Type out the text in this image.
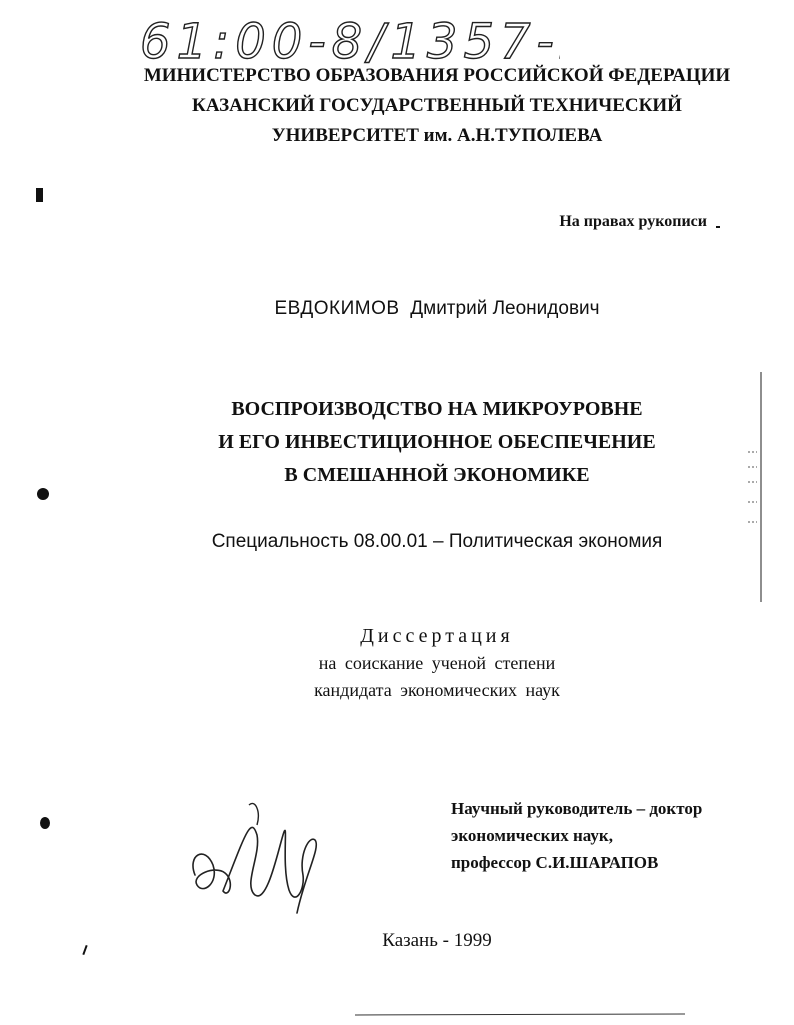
61:00-8/1357-2
МИНИСТЕРСТВО ОБРАЗОВАНИЯ РОССИЙСКОЙ ФЕДЕРАЦИИ
КАЗАНСКИЙ ГОСУДАРСТВЕННЫЙ ТЕХНИЧЕСКИЙ
УНИВЕРСИТЕТ им. А.Н.ТУПОЛЕВА
На правах рукописи
ЕВДОКИМОВ Дмитрий Леонидович
ВОСПРОИЗВОДСТВО НА МИКРОУРОВНЕ
И ЕГО ИНВЕСТИЦИОННОЕ ОБЕСПЕЧЕНИЕ
В СМЕШАННОЙ ЭКОНОМИКЕ
Специальность 08.00.01 – Политическая экономия
Диссертация
на соискание ученой степени
кандидата экономических наук
Научный руководитель – доктор
экономических наук,
профессор С.И.ШАРАПОВ
Казань - 1999
